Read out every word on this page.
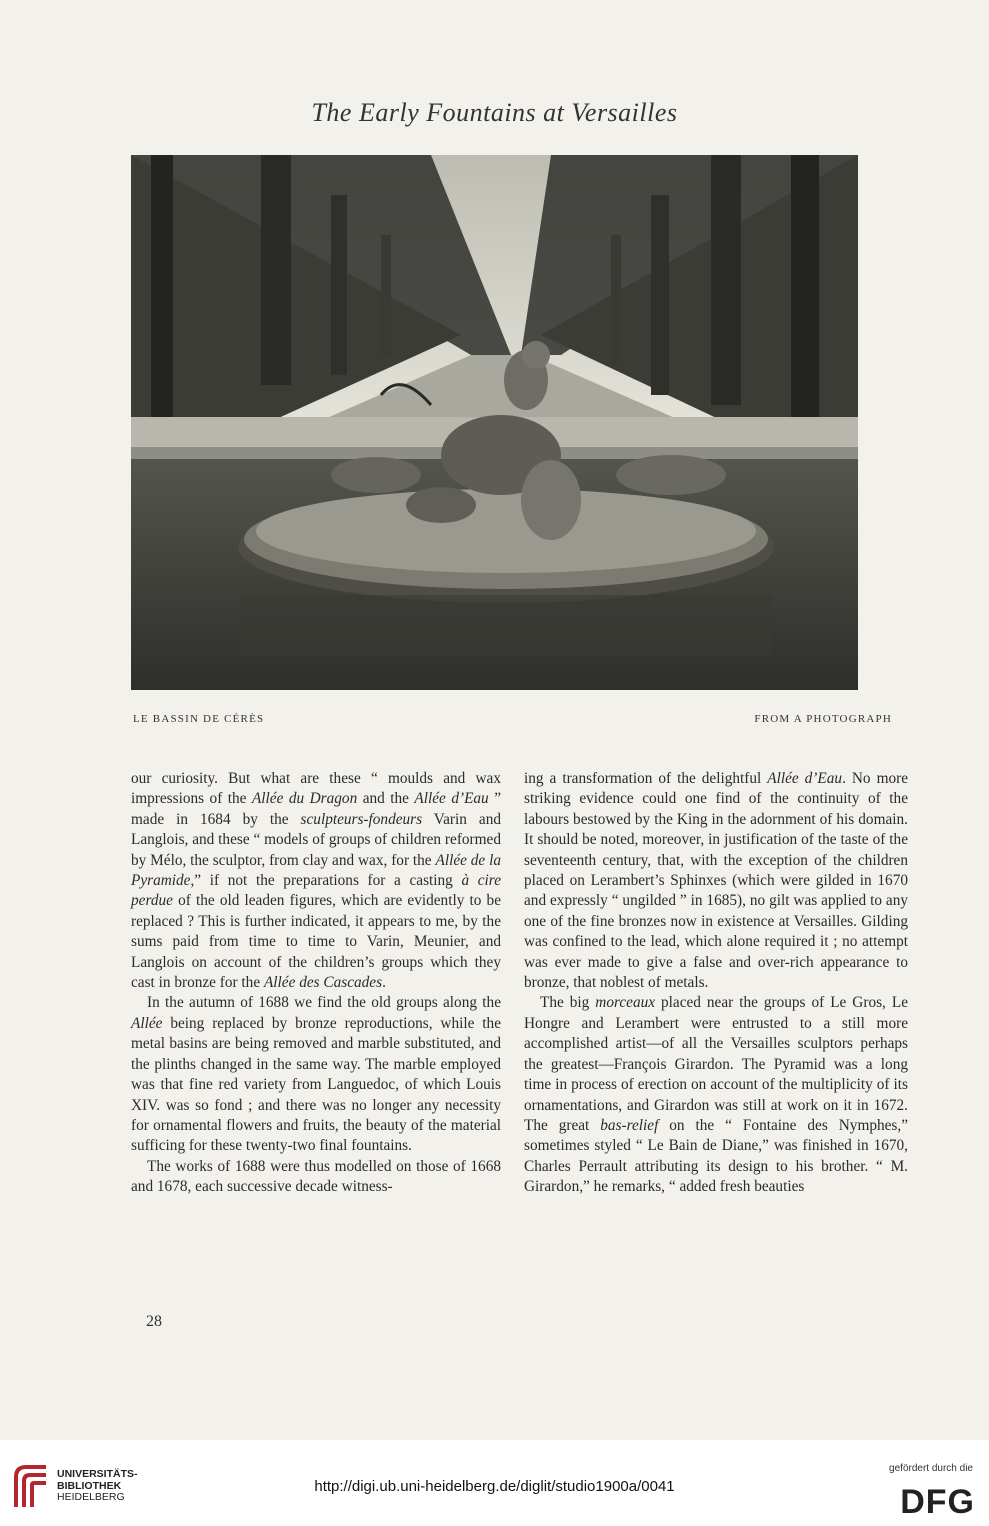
The Early Fountains at Versailles
LE BASSIN DE CÉRÈS	FROM A PHOTOGRAPH

our curiosity. But what are these “ moulds and wax impressions of the Allée du Dragon and the Allée d’Eau ” made in 1684 by the sculpteurs-fondeurs Varin and Langlois, and these “ models of groups of children reformed by Mélo, the sculptor, from clay and wax, for the Allée de la Pyramide,” if not the preparations for a casting à cire perdue of the old leaden figures, which are evidently to be replaced ? This is further indicated, it appears to me, by the sums paid from time to time to Varin, Meunier, and Langlois on account of the children’s groups which they cast in bronze for the Allée des Cascades.

In the autumn of 1688 we find the old groups along the Allée being replaced by bronze reproductions, while the metal basins are being removed and marble substituted, and the plinths changed in the same way. The marble employed was that fine red variety from Languedoc, of which Louis XIV. was so fond ; and there was no longer any necessity for ornamental flowers and fruits, the beauty of the material sufficing for these twenty-two final fountains.

The works of 1688 were thus modelled on those of 1668 and 1678, each successive decade witness-

ing a transformation of the delightful Allée d’Eau. No more striking evidence could one find of the continuity of the labours bestowed by the King in the adornment of his domain. It should be noted, moreover, in justification of the taste of the seventeenth century, that, with the exception of the children placed on Lerambert’s Sphinxes (which were gilded in 1670 and expressly “ ungilded ” in 1685), no gilt was applied to any one of the fine bronzes now in existence at Versailles. Gilding was confined to the lead, which alone required it ; no attempt was ever made to give a false and over-rich appearance to bronze, that noblest of metals.

The big morceaux placed near the groups of Le Gros, Le Hongre and Lerambert were entrusted to a still more accomplished artist—of all the Versailles sculptors perhaps the greatest—François Girardon. The Pyramid was a long time in process of erection on account of the multiplicity of its ornamentations, and Girardon was still at work on it in 1672. The great bas-relief on the “ Fontaine des Nymphes,” sometimes styled “ Le Bain de Diane,” was finished in 1670, Charles Perrault attributing its design to his brother. “ M. Girardon,” he remarks, “ added fresh beauties

28
UNIVERSITÄTS-
BIBLIOTHEK
HEIDELBERG
http://digi.ub.uni-heidelberg.de/diglit/studio1900a/0041
gefördert durch die
DFG
